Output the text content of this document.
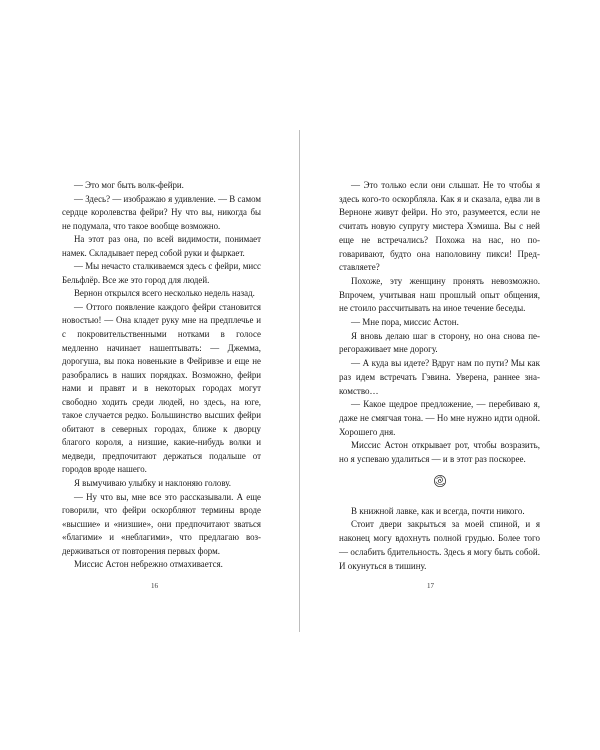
— Это мог быть волк-фейри.

— Здесь? — изображаю я удивление. — В самом сердце королевства фейри? Ну что вы, никогда бы не подумала, что такое вообще возможно.

На этот раз она, по всей видимости, понимает намек. Складывает перед собой руки и фыркает.

— Мы нечасто сталкиваемся здесь с фейри, мисс Бельфлёр. Все же это город для людей.

Вернон открылся всего несколько недель назад.

— Оттого появление каждого фейри становится новостью! — Она кладет руку мне на предплечье и с покровительственными нотками в голосе медленно начинает нашептывать: — Джемма, дорогуша, вы пока новенькие в Фейривэе и еще не разобрались в наших порядках. Возможно, фейри нами и правят и в некоторых городах могут свободно ходить среди людей, но здесь, на юге, такое случается редко. Большинство высших фейри обитают в северных городах, ближе к дворцу благого короля, а низшие, какие-нибудь волки и медведи, предпочитают держаться подальше от городов вроде нашего.

Я вымучиваю улыбку и наклоняю голову.

— Ну что вы, мне все это рассказывали. А еще говорили, что фейри оскорбляют термины вроде «высшие» и «низшие», они предпочитают зваться «благими» и «неблагими», что предлагаю воздерживаться от повторения первых форм.

Миссис Астон небрежно отмахивается.

— Это только если они слышат. Не то чтобы я здесь кого-то оскорбляла. Как я и сказала, едва ли в Верноне живут фейри. Но это, разумеется, если не считать новую супругу мистера Хэмиша. Вы с ней еще не встречались? Похожа на нас, но поговаривают, будто она наполовину пикси! Представляете?

Похоже, эту женщину пронять невозможно. Впрочем, учитывая наш прошлый опыт общения, не стоило рассчитывать на иное течение беседы.

— Мне пора, миссис Астон.

Я вновь делаю шаг в сторону, но она снова перегораживает мне дорогу.

— А куда вы идете? Вдруг нам по пути? Мы как раз идем встречать Гэвина. Уверена, раннее знакомство…

— Какое щедрое предложение, — перебиваю я, даже не смягчая тона. — Но мне нужно идти одной. Хорошего дня.

Миссис Астон открывает рот, чтобы возразить, но я успеваю удалиться — и в этот раз поскорее.

В книжной лавке, как и всегда, почти никого.

Стоит двери закрыться за моей спиной, и я наконец могу вдохнуть полной грудью. Более того — ослабить бдительность. Здесь я могу быть собой. И окунуться в тишину.

16	17
